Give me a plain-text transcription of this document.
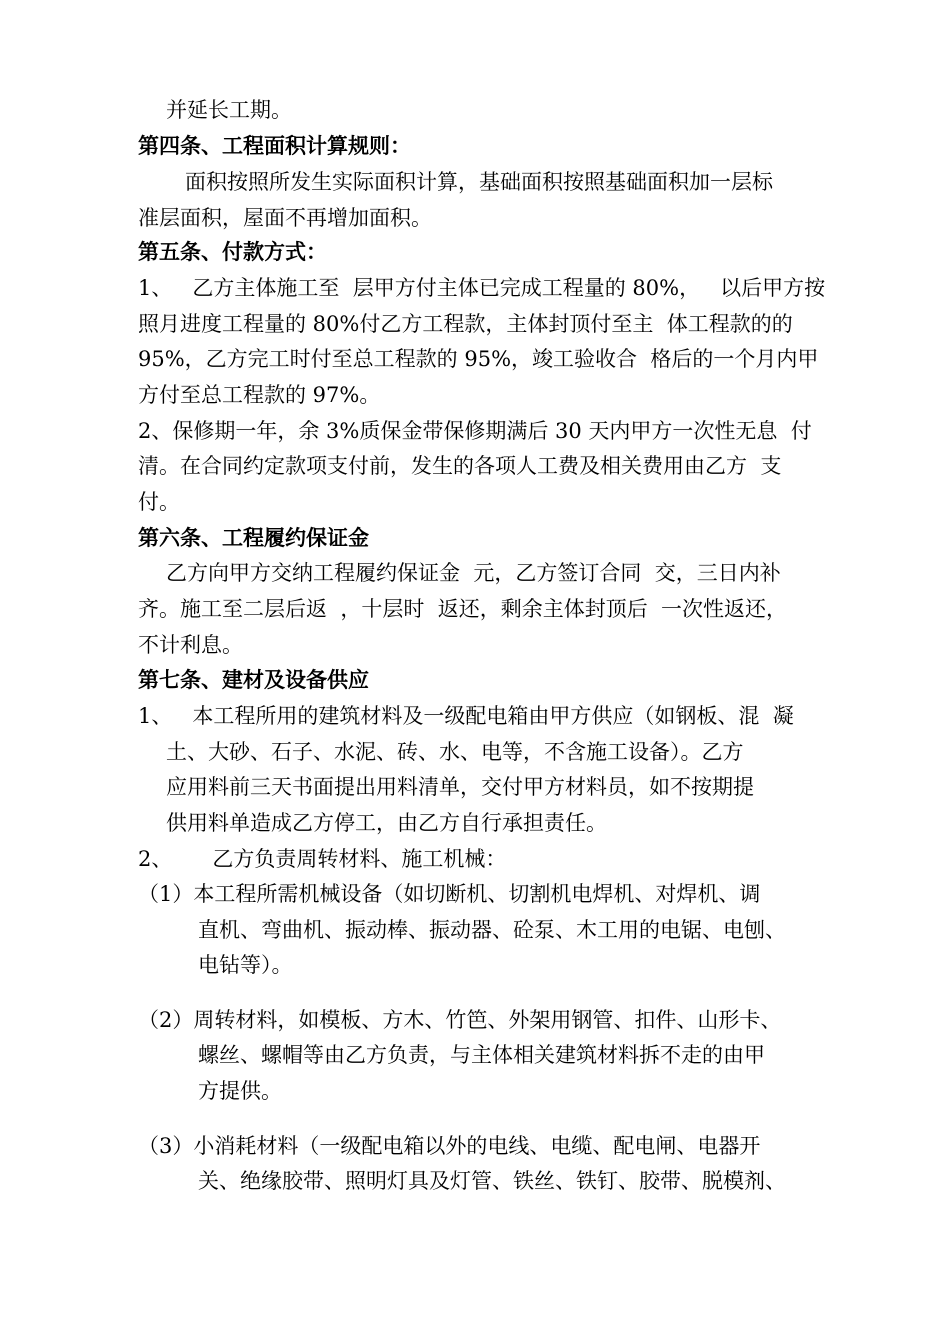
并延长工期。
第四条、工程面积计算规则：
面积按照所发生实际面积计算，基础面积按照基础面积加一层标
准层面积，屋面不再增加面积。
第五条、付款方式：
1、   乙方主体施工至  层甲方付主体已完成工程量的 80%，   以后甲方按
照月进度工程量的 80%付乙方工程款，主体封顶付至主  体工程款的的
95%，乙方完工时付至总工程款的 95%，竣工验收合  格后的一个月内甲
方付至总工程款的 97%。
2、保修期一年，余 3%质保金带保修期满后 30 天内甲方一次性无息  付
清。在合同约定款项支付前，发生的各项人工费及相关费用由乙方  支
付。
第六条、工程履约保证金
乙方向甲方交纳工程履约保证金  元，乙方签订合同  交，三日内补
齐。施工至二层后返  ，十层时  返还，剩余主体封顶后  一次性返还，
不计利息。
第七条、建材及设备供应
1、   本工程所用的建筑材料及一级配电箱由甲方供应（如钢板、混  凝
土、大砂、石子、水泥、砖、水、电等，不含施工设备）。乙方
应用料前三天书面提出用料清单，交付甲方材料员，如不按期提
供用料单造成乙方停工，由乙方自行承担责任。
2、      乙方负责周转材料、施工机械：
（1）本工程所需机械设备（如切断机、切割机电焊机、对焊机、调
直机、弯曲机、振动棒、振动器、砼泵、木工用的电锯、电刨、
电钻等）。
（2）周转材料，如模板、方木、竹笆、外架用钢管、扣件、山形卡、
螺丝、螺帽等由乙方负责，与主体相关建筑材料拆不走的由甲
方提供。
（3）小消耗材料（一级配电箱以外的电线、电缆、配电闸、电器开
关、绝缘胶带、照明灯具及灯管、铁丝、铁钉、胶带、脱模剂、
